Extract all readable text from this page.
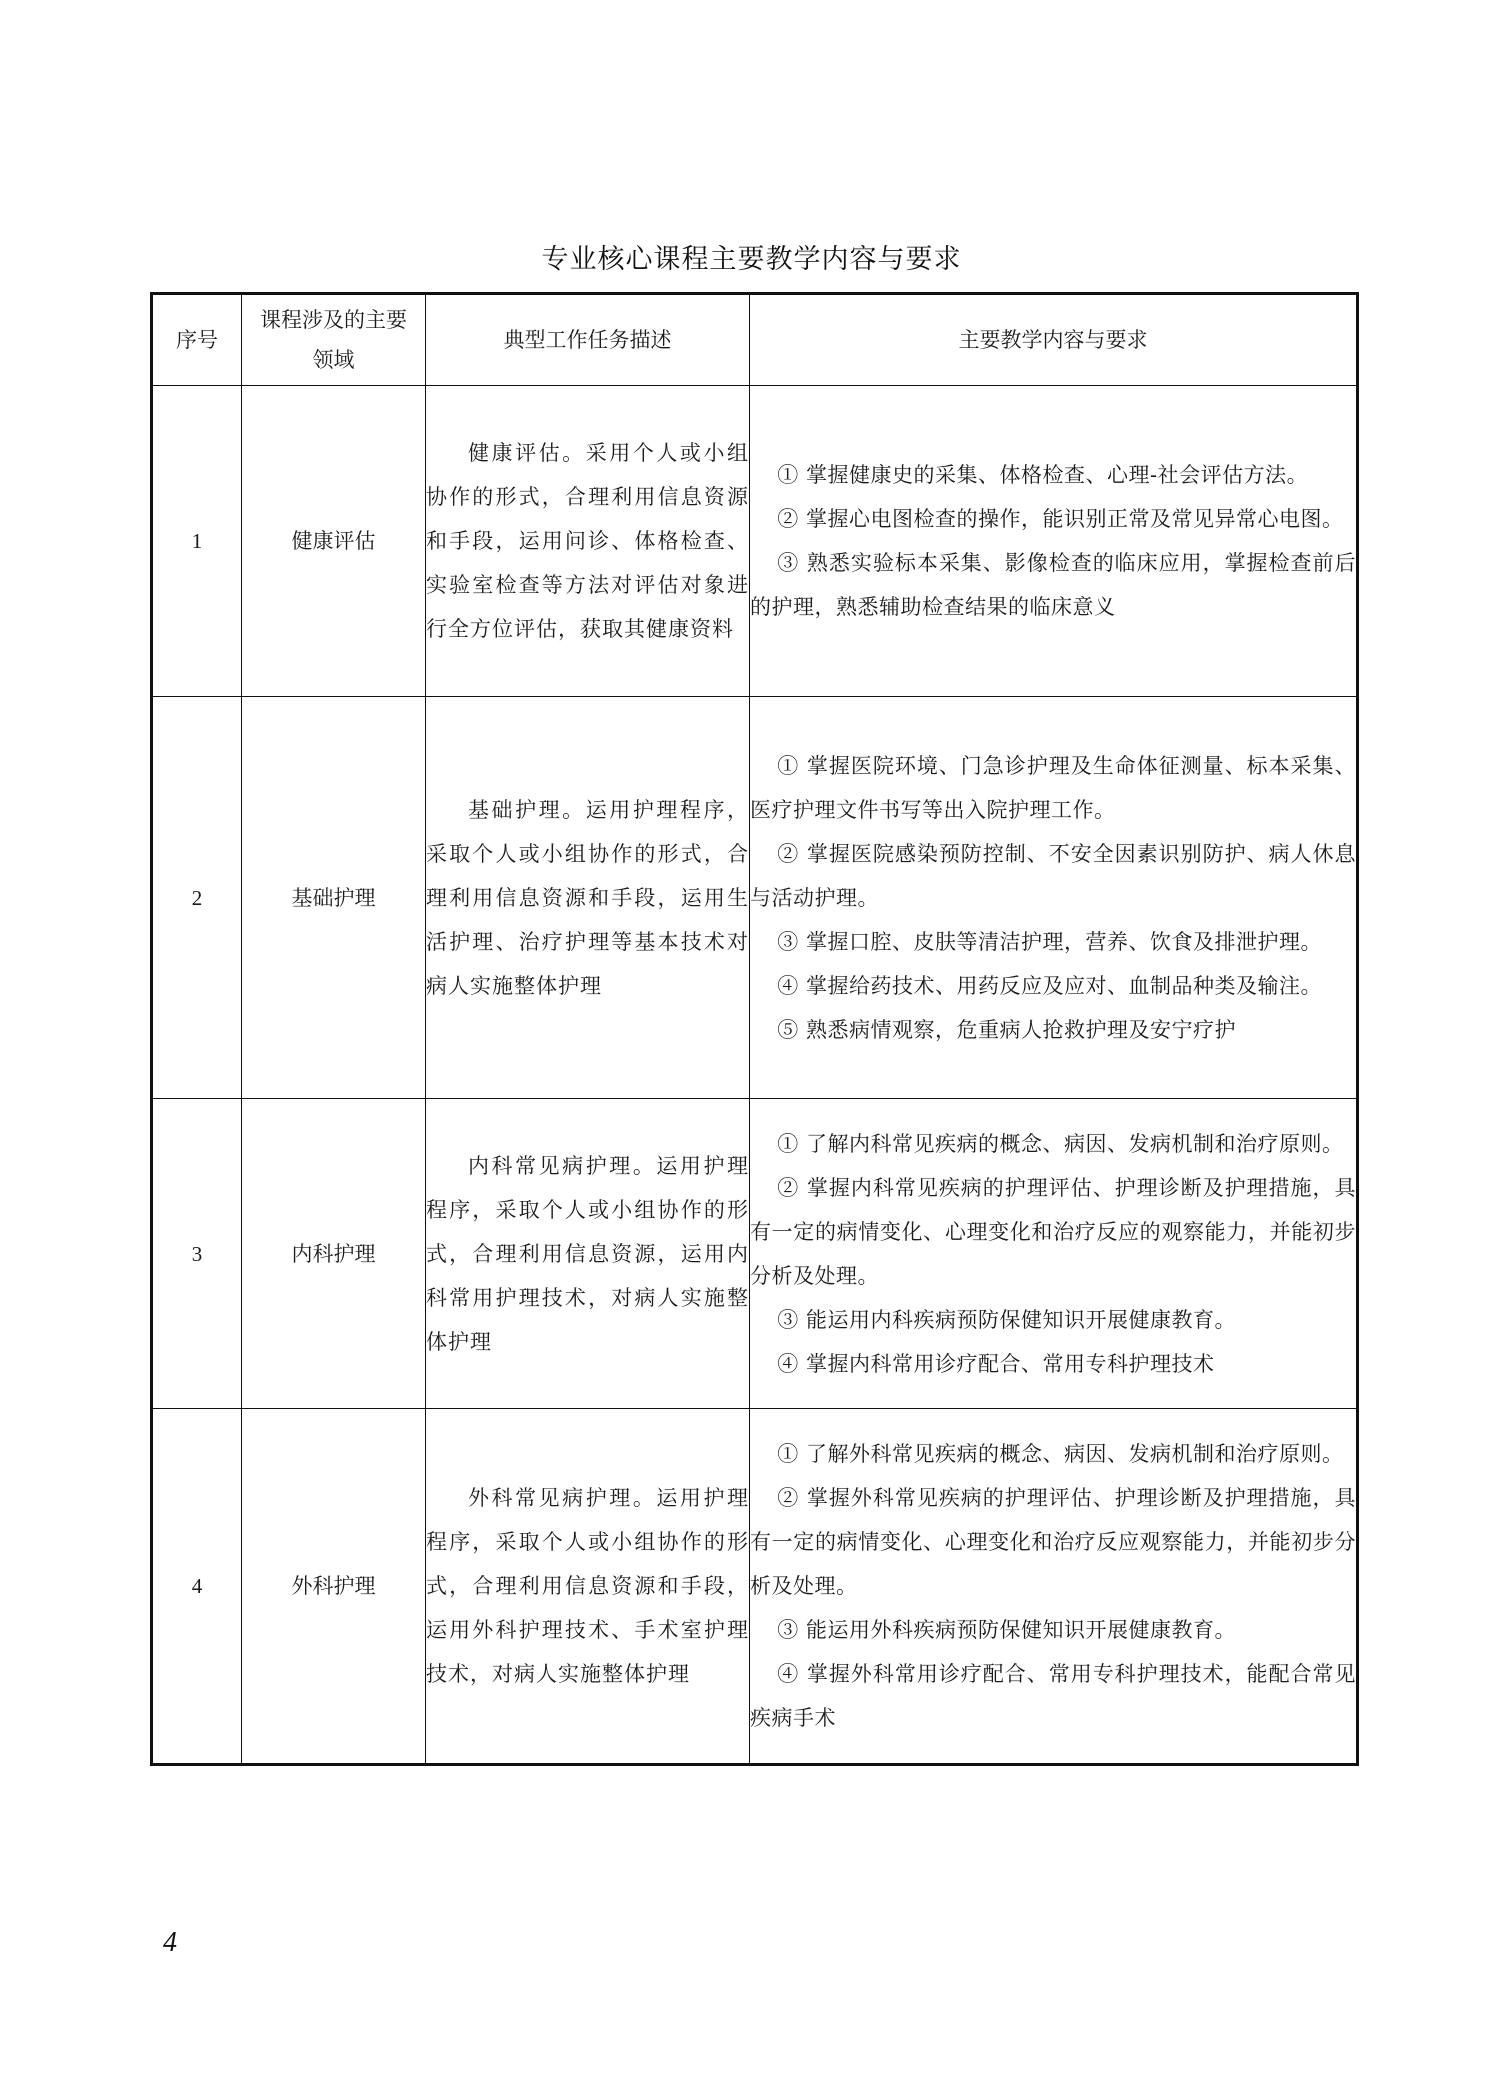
专业核心课程主要教学内容与要求
序号	课程涉及的主要领域	典型工作任务描述	主要教学内容与要求
1	健康评估	健康评估。采用个人或小组协作的形式，合理利用信息资源和手段，运用问诊、体格检查、实验室检查等方法对评估对象进行全方位评估，获取其健康资料	① 掌握健康史的采集、体格检查、心理-社会评估方法。
② 掌握心电图检查的操作，能识别正常及常见异常心电图。
③ 熟悉实验标本采集、影像检查的临床应用，掌握检查前后的护理，熟悉辅助检查结果的临床意义

2	基础护理	基础护理。运用护理程序，采取个人或小组协作的形式，合理利用信息资源和手段，运用生活护理、治疗护理等基本技术对病人实施整体护理	① 掌握医院环境、门急诊护理及生命体征测量、标本采集、医疗护理文件书写等出入院护理工作。
② 掌握医院感染预防控制、不安全因素识别防护、病人休息与活动护理。
③ 掌握口腔、皮肤等清洁护理，营养、饮食及排泄护理。
④ 掌握给药技术、用药反应及应对、血制品种类及输注。
⑤ 熟悉病情观察，危重病人抢救护理及安宁疗护

3	内科护理	内科常见病护理。运用护理程序，采取个人或小组协作的形式，合理利用信息资源，运用内科常用护理技术，对病人实施整体护理	① 了解内科常见疾病的概念、病因、发病机制和治疗原则。
② 掌握内科常见疾病的护理评估、护理诊断及护理措施，具有一定的病情变化、心理变化和治疗反应的观察能力，并能初步分析及处理。
③ 能运用内科疾病预防保健知识开展健康教育。
④ 掌握内科常用诊疗配合、常用专科护理技术

4	外科护理	外科常见病护理。运用护理程序，采取个人或小组协作的形式，合理利用信息资源和手段，运用外科护理技术、手术室护理技术，对病人实施整体护理	① 了解外科常见疾病的概念、病因、发病机制和治疗原则。
② 掌握外科常见疾病的护理评估、护理诊断及护理措施，具有一定的病情变化、心理变化和治疗反应观察能力，并能初步分析及处理。
③ 能运用外科疾病预防保健知识开展健康教育。
④ 掌握外科常用诊疗配合、常用专科护理技术，能配合常见疾病手术
4
